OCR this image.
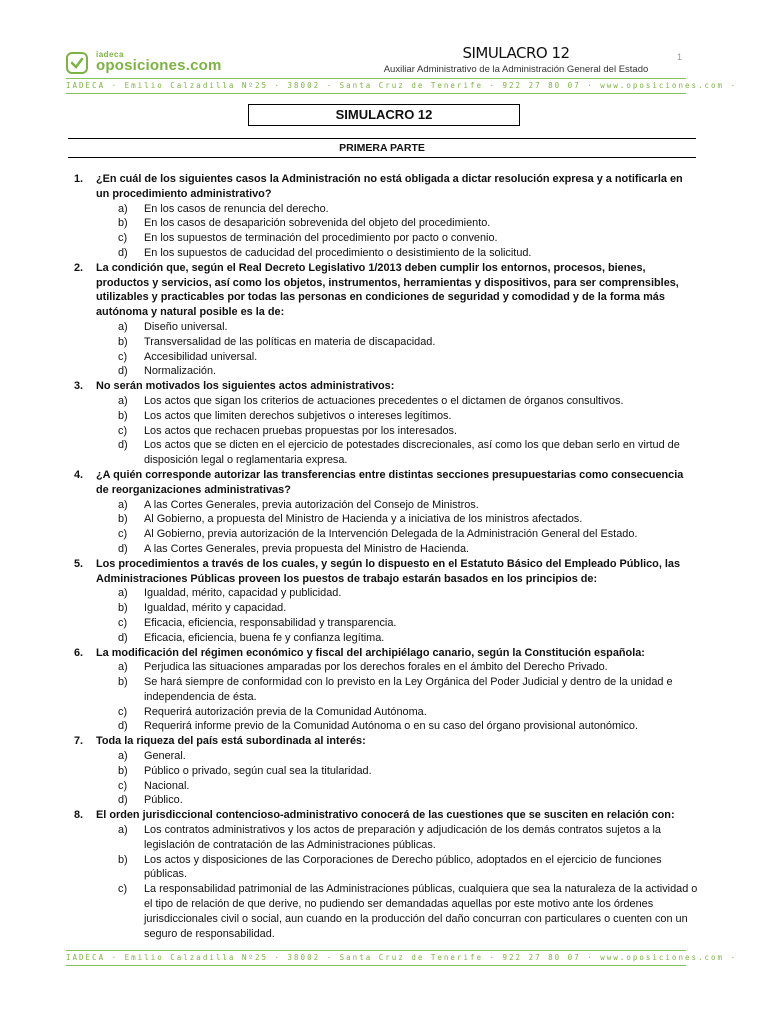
iadeca
oposiciones.com
SIMULACRO 12
Auxiliar Administrativo de la Administración General del Estado
1
IADECA · Emilio Calzadilla Nº25 · 38002 · Santa Cruz de Tenerife · 922 27 80 07 · www.oposiciones.com ·
SIMULACRO 12
PRIMERA PARTE
1. ¿En cuál de los siguientes casos la Administración no está obligada a dictar resolución expresa y a notificarla en un procedimiento administrativo?
a) En los casos de renuncia del derecho.
b) En los casos de desaparición sobrevenida del objeto del procedimiento.
c) En los supuestos de terminación del procedimiento por pacto o convenio.
d) En los supuestos de caducidad del procedimiento o desistimiento de la solicitud.
2. La condición que, según el Real Decreto Legislativo 1/2013 deben cumplir los entornos, procesos, bienes, productos y servicios, así como los objetos, instrumentos, herramientas y dispositivos, para ser comprensibles, utilizables y practicables por todas las personas en condiciones de seguridad y comodidad y de la forma más autónoma y natural posible es la de:
a) Diseño universal.
b) Transversalidad de las políticas en materia de discapacidad.
c) Accesibilidad universal.
d) Normalización.
3. No serán motivados los siguientes actos administrativos:
a) Los actos que sigan los criterios de actuaciones precedentes o el dictamen de órganos consultivos.
b) Los actos que limiten derechos subjetivos o intereses legítimos.
c) Los actos que rechacen pruebas propuestas por los interesados.
d) Los actos que se dicten en el ejercicio de potestades discrecionales, así como los que deban serlo en virtud de disposición legal o reglamentaria expresa.
4. ¿A quién corresponde autorizar las transferencias entre distintas secciones presupuestarias como consecuencia de reorganizaciones administrativas?
a) A las Cortes Generales, previa autorización del Consejo de Ministros.
b) Al Gobierno, a propuesta del Ministro de Hacienda y a iniciativa de los ministros afectados.
c) Al Gobierno, previa autorización de la Intervención Delegada de la Administración General del Estado.
d) A las Cortes Generales, previa propuesta del Ministro de Hacienda.
5. Los procedimientos a través de los cuales, y según lo dispuesto en el Estatuto Básico del Empleado Público, las Administraciones Públicas proveen los puestos de trabajo estarán basados en los principios de:
a) Igualdad, mérito, capacidad y publicidad.
b) Igualdad, mérito y capacidad.
c) Eficacia, eficiencia, responsabilidad y transparencia.
d) Eficacia, eficiencia, buena fe y confianza legítima.
6. La modificación del régimen económico y fiscal del archipiélago canario, según la Constitución española:
a) Perjudica las situaciones amparadas por los derechos forales en el ámbito del Derecho Privado.
b) Se hará siempre de conformidad con lo previsto en la Ley Orgánica del Poder Judicial y dentro de la unidad e independencia de ésta.
c) Requerirá autorización previa de la Comunidad Autónoma.
d) Requerirá informe previo de la Comunidad Autónoma o en su caso del órgano provisional autonómico.
7. Toda la riqueza del país está subordinada al interés:
a) General.
b) Público o privado, según cual sea la titularidad.
c) Nacional.
d) Público.
8. El orden jurisdiccional contencioso-administrativo conocerá de las cuestiones que se susciten en relación con:
a) Los contratos administrativos y los actos de preparación y adjudicación de los demás contratos sujetos a la legislación de contratación de las Administraciones públicas.
b) Los actos y disposiciones de las Corporaciones de Derecho público, adoptados en el ejercicio de funciones públicas.
c) La responsabilidad patrimonial de las Administraciones públicas, cualquiera que sea la naturaleza de la actividad o el tipo de relación de que derive, no pudiendo ser demandadas aquellas por este motivo ante los órdenes jurisdiccionales civil o social, aun cuando en la producción del daño concurran con particulares o cuenten con un seguro de responsabilidad.
IADECA · Emilio Calzadilla Nº25 · 38002 · Santa Cruz de Tenerife · 922 27 80 07 · www.oposiciones.com ·
